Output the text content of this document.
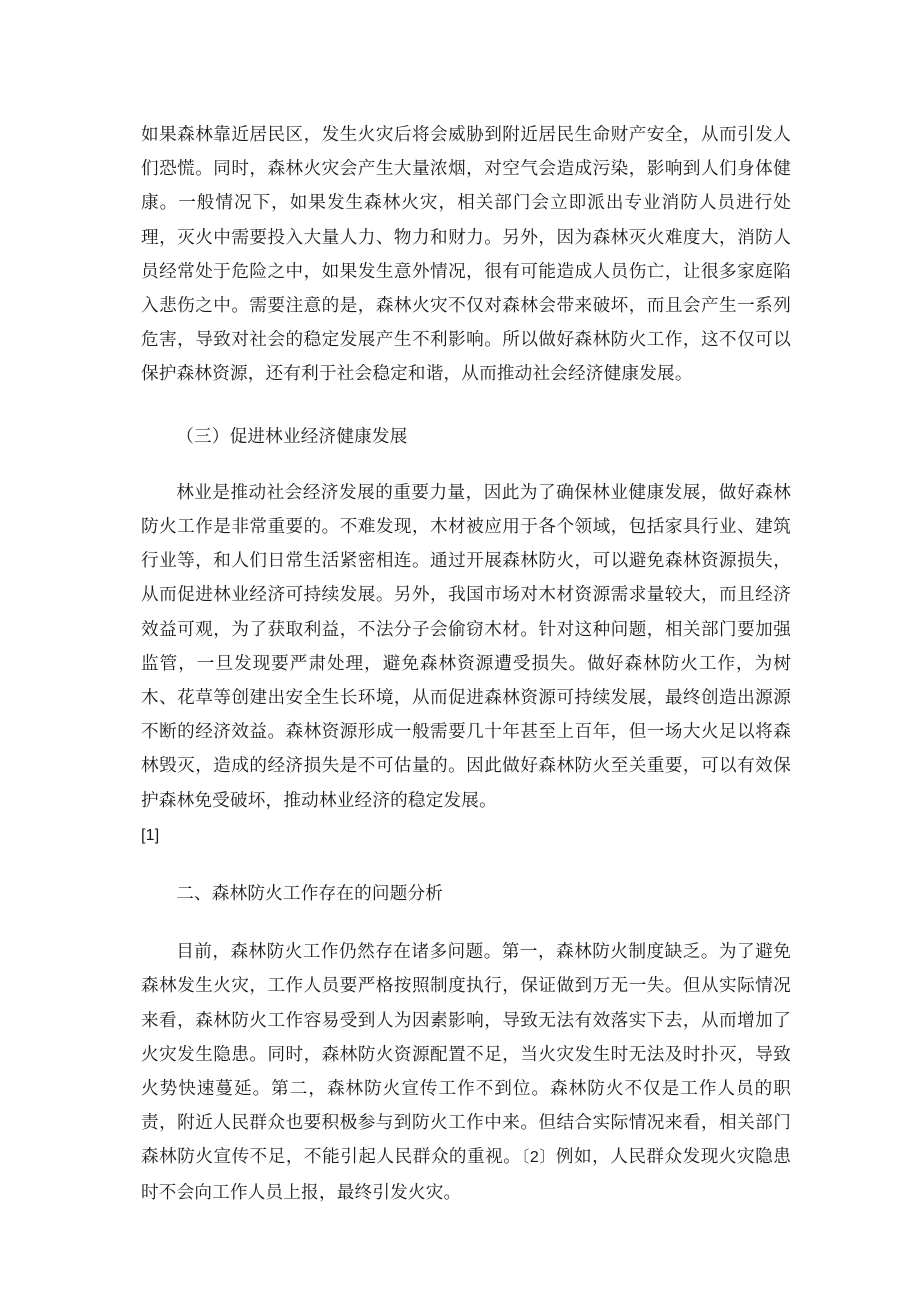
如果森林靠近居民区，发生火灾后将会威胁到附近居民生命财产安全，从而引发人们恐慌。同时，森林火灾会产生大量浓烟，对空气会造成污染，影响到人们身体健康。一般情况下，如果发生森林火灾，相关部门会立即派出专业消防人员进行处理，灭火中需要投入大量人力、物力和财力。另外，因为森林灭火难度大，消防人员经常处于危险之中，如果发生意外情况，很有可能造成人员伤亡，让很多家庭陷入悲伤之中。需要注意的是，森林火灾不仅对森林会带来破坏，而且会产生一系列危害，导致对社会的稳定发展产生不利影响。所以做好森林防火工作，这不仅可以保护森林资源，还有利于社会稳定和谐，从而推动社会经济健康发展。

（三）促进林业经济健康发展

林业是推动社会经济发展的重要力量，因此为了确保林业健康发展，做好森林防火工作是非常重要的。不难发现，木材被应用于各个领域，包括家具行业、建筑行业等，和人们日常生活紧密相连。通过开展森林防火，可以避免森林资源损失，从而促进林业经济可持续发展。另外，我国市场对木材资源需求量较大，而且经济效益可观，为了获取利益，不法分子会偷窃木材。针对这种问题，相关部门要加强监管，一旦发现要严肃处理，避免森林资源遭受损失。做好森林防火工作，为树木、花草等创建出安全生长环境，从而促进森林资源可持续发展，最终创造出源源不断的经济效益。森林资源形成一般需要几十年甚至上百年，但一场大火足以将森林毁灭，造成的经济损失是不可估量的。因此做好森林防火至关重要，可以有效保护森林免受破坏，推动林业经济的稳定发展。
[1]

二、森林防火工作存在的问题分析

目前，森林防火工作仍然存在诸多问题。第一，森林防火制度缺乏。为了避免森林发生火灾，工作人员要严格按照制度执行，保证做到万无一失。但从实际情况来看，森林防火工作容易受到人为因素影响，导致无法有效落实下去，从而增加了火灾发生隐患。同时，森林防火资源配置不足，当火灾发生时无法及时扑灭，导致火势快速蔓延。第二，森林防火宣传工作不到位。森林防火不仅是工作人员的职责，附近人民群众也要积极参与到防火工作中来。但结合实际情况来看，相关部门森林防火宣传不足，不能引起人民群众的重视。〔2〕例如，人民群众发现火灾隐患时不会向工作人员上报，最终引发火灾。
